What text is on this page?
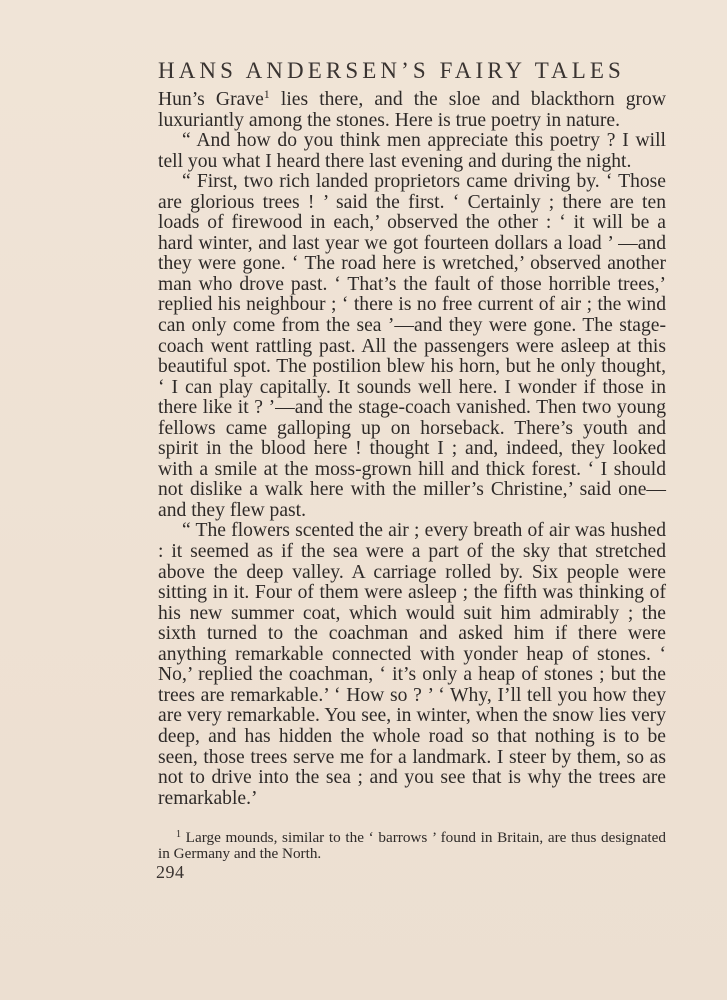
HANS ANDERSEN’S FAIRY TALES

Hun’s Grave$^1$ lies there, and the sloe and blackthorn grow luxuriantly among the stones. Here is true poetry in nature.

“ And how do you think men appreciate this poetry ? I will tell you what I heard there last evening and during the night.

“ First, two rich landed proprietors came driving by. ‘ Those are glorious trees ! ’ said the first. ‘ Certainly ; there are ten loads of firewood in each,’ observed the other : ‘ it will be a hard winter, and last year we got fourteen dollars a load ’ —and they were gone. ‘ The road here is wretched,’ observed another man who drove past. ‘ That’s the fault of those horrible trees,’ replied his neighbour ; ‘ there is no free current of air ; the wind can only come from the sea ’—and they were gone. The stage-coach went rattling past. All the passengers were asleep at this beautiful spot. The postilion blew his horn, but he only thought, ‘ I can play capitally. It sounds well here. I wonder if those in there like it ? ’—and the stage-coach vanished. Then two young fellows came galloping up on horseback. There’s youth and spirit in the blood here ! thought I ; and, indeed, they looked with a smile at the moss-grown hill and thick forest. ‘ I should not dislike a walk here with the miller’s Christine,’ said one—and they flew past.

“ The flowers scented the air ; every breath of air was hushed : it seemed as if the sea were a part of the sky that stretched above the deep valley. A carriage rolled by. Six people were sitting in it. Four of them were asleep ; the fifth was thinking of his new summer coat, which would suit him admirably ; the sixth turned to the coachman and asked him if there were anything remarkable connected with yonder heap of stones. ‘ No,’ replied the coachman, ‘ it’s only a heap of stones ; but the trees are remarkable.’ ‘ How so ? ’ ‘ Why, I’ll tell you how they are very remarkable. You see, in winter, when the snow lies very deep, and has hidden the whole road so that nothing is to be seen, those trees serve me for a landmark. I steer by them, so as not to drive into the sea ; and you see that is why the trees are remarkable.’

$^1$ Large mounds, similar to the ‘ barrows ’ found in Britain, are thus designated in Germany and the North.
294
